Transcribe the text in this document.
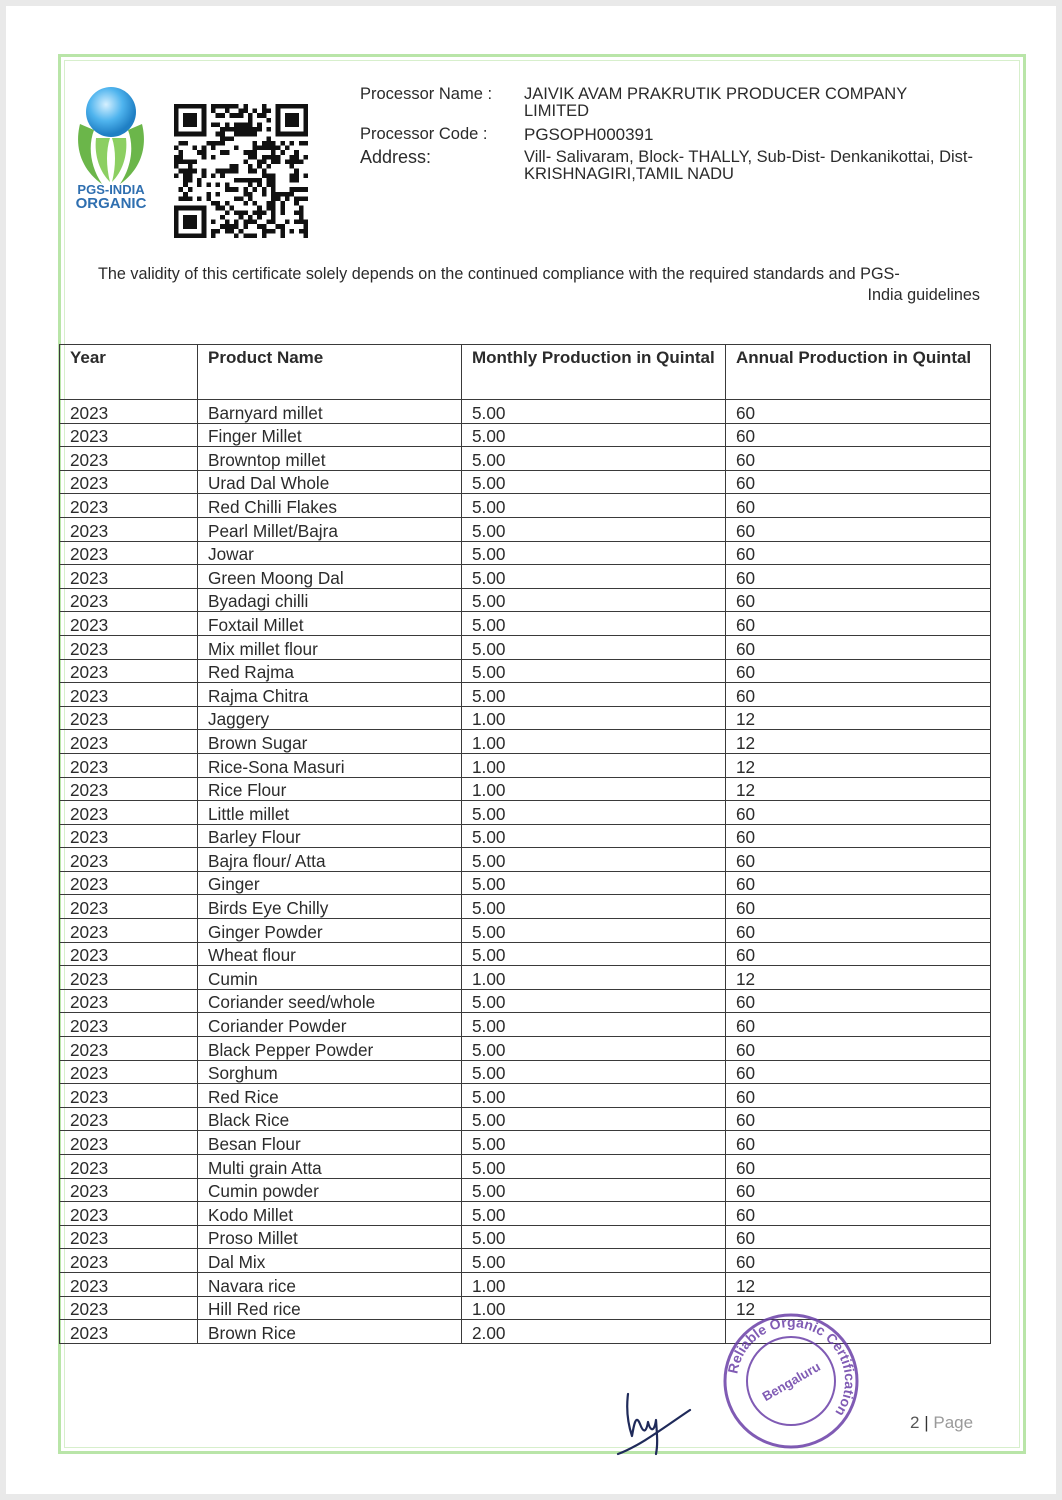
PGS-INDIA
ORGANIC
Processor Name : JAIVIK AVAM PRAKRUTIK PRODUCER COMPANY LIMITED
Processor Code : PGSOPH000391
Address:	Vill- Salivaram, Block- THALLY, Sub-Dist- Denkanikottai, Dist- KRISHNAGIRI,TAMIL NADU
The validity of this certificate solely depends on the continued compliance with the required standards and PGS-
India guidelines
Year	Product Name	Monthly Production in Quintal	Annual Production in Quintal
2023	Barnyard millet	5.00	60
2023	Finger Millet	5.00	60
2023	Browntop millet	5.00	60
2023	Urad Dal Whole	5.00	60
2023	Red Chilli Flakes	5.00	60
2023	Pearl Millet/Bajra	5.00	60
2023	Jowar	5.00	60
2023	Green Moong Dal	5.00	60
2023	Byadagi chilli	5.00	60
2023	Foxtail Millet	5.00	60
2023	Mix millet flour	5.00	60
2023	Red Rajma	5.00	60
2023	Rajma Chitra	5.00	60
2023	Jaggery	1.00	12
2023	Brown Sugar	1.00	12
2023	Rice-Sona Masuri	1.00	12
2023	Rice Flour	1.00	12
2023	Little millet	5.00	60
2023	Barley Flour	5.00	60
2023	Bajra flour/ Atta	5.00	60
2023	Ginger	5.00	60
2023	Birds Eye Chilly	5.00	60
2023	Ginger Powder	5.00	60
2023	Wheat flour	5.00	60
2023	Cumin	1.00	12
2023	Coriander seed/whole	5.00	60
2023	Coriander Powder	5.00	60
2023	Black Pepper Powder	5.00	60
2023	Sorghum	5.00	60
2023	Red Rice	5.00	60
2023	Black Rice	5.00	60
2023	Besan Flour	5.00	60
2023	Multi grain Atta	5.00	60
2023	Cumin powder	5.00	60
2023	Kodo Millet	5.00	60
2023	Proso Millet	5.00	60
2023	Dal Mix	5.00	60
2023	Navara rice	1.00	12
2023	Hill Red rice	1.00	12
2023	Brown Rice	2.00	
Reliable Organic Certification
Bengaluru
2 | Page
